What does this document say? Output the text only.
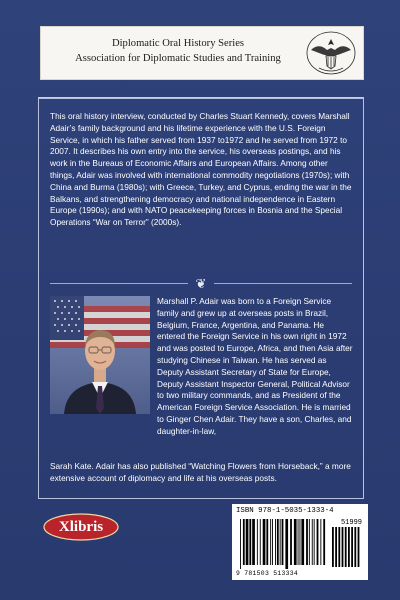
Diplomatic Oral History Series
Association for Diplomatic Studies and Training
This oral history interview, conducted by Charles Stuart Kennedy, covers Marshall Adair’s family background and his lifetime experience with the U.S. Foreign Service, in which his father served from 1937 to1972 and he served from 1972 to 2007. It describes his own entry into the service, his overseas postings, and his work in the Bureaus of Economic Affairs and European Affairs. Among other things, Adair was involved with international commodity negotiations (1970s); with China and Burma (1980s); with Greece, Turkey, and Cyprus, ending the war in the Balkans, and strengthening democracy and national independence in Eastern Europe (1990s); and with NATO peacekeeping forces in Bosnia and the Special Operations “War on Terror” (2000s).
❦
Marshall P. Adair was born to a Foreign Service family and grew up at overseas posts in Brazil, Belgium, France, Argentina, and Panama. He entered the Foreign Service in his own right in 1972 and was posted to Europe, Africa, and then Asia after studying Chinese in Taiwan. He has served as Deputy Assistant Secretary of State for Europe, Deputy Assistant Inspector General, Political Advisor to two military commands, and as President of the American Foreign Service Association. He is married to Ginger Chen Adair. They have a son, Charles, and daughter-in-law,
Sarah Kate. Adair has also published “Watching Flowers from Horseback,” a more extensive account of diplomacy and life at his overseas posts.
Xlibris
ISBN 978-1-5035-1333-4
51999
9 781503 513334
